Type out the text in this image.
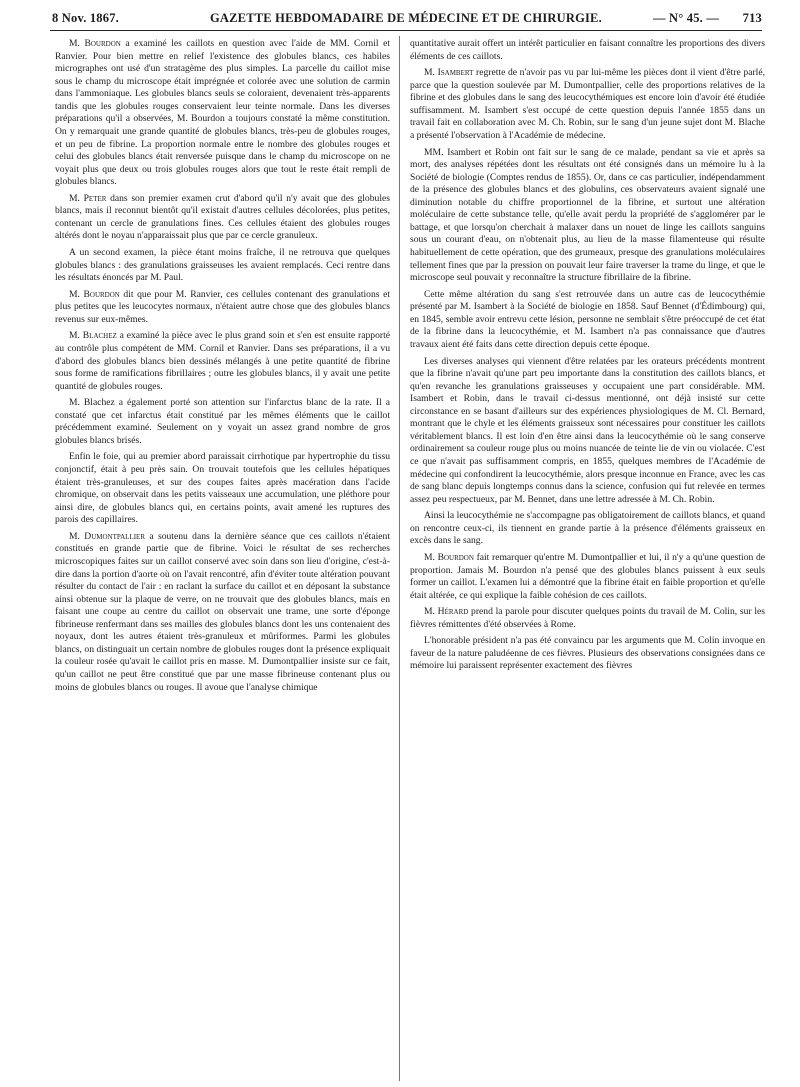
8 Nov. 1867.	GAZETTE HEBDOMADAIRE DE MÉDECINE ET DE CHIRURGIE.	— N° 45. — 713

M. Bourdon a examiné les caillots en question avec l'aide de MM. Cornil et Ranvier. Pour bien mettre en relief l'existence des globules blancs, ces habiles micrographes ont usé d'un stratagème des plus simples. La parcelle du caillot mise sous le champ du microscope était imprégnée et colorée avec une solution de carmin dans l'ammoniaque. Les globules blancs seuls se coloraient, devenaient très-apparents tandis que les globules rouges conservaient leur teinte normale. Dans les diverses préparations qu'il a observées, M. Bourdon a toujours constaté la même constitution. On y remarquait une grande quantité de globules blancs, très-peu de globules rouges, et un peu de fibrine. La proportion normale entre le nombre des globules rouges et celui des globules blancs était renversée puisque dans le champ du microscope on ne voyait plus que deux ou trois globules rouges alors que tout le reste était rempli de globules blancs.

M. Peter dans son premier examen crut d'abord qu'il n'y avait que des globules blancs, mais il reconnut bientôt qu'il existait d'autres cellules décolorées, plus petites, contenant un cercle de granulations fines. Ces cellules étaient des globules rouges altérés dont le noyau n'apparaissait plus que par ce cercle granuleux.

A un second examen, la pièce étant moins fraîche, il ne retrouva que quelques globules blancs : des granulations graisseuses les avaient remplacés. Ceci rentre dans les résultats énoncés par M. Paul.

M. Bourdon dit que pour M. Ranvier, ces cellules contenant des granulations et plus petites que les leucocytes normaux, n'étaient autre chose que des globules blancs revenus sur eux-mêmes.

M. Blachez a examiné la pièce avec le plus grand soin et s'en est ensuite rapporté au contrôle plus compétent de MM. Cornil et Ranvier. Dans ses préparations, il a vu d'abord des globules blancs bien dessinés mélangés à une petite quantité de fibrine sous forme de ramifications fibrillaires ; outre les globules blancs, il y avait une petite quantité de globules rouges.

M. Blachez a également porté son attention sur l'infarctus blanc de la rate. Il a constaté que cet infarctus était constitué par les mêmes éléments que le caillot précédemment examiné. Seulement on y voyait un assez grand nombre de gros globules blancs brisés.

Enfin le foie, qui au premier abord paraissait cirrhotique par hypertrophie du tissu conjonctif, était à peu près sain. On trouvait toutefois que les cellules hépatiques étaient très-granuleuses, et sur des coupes faites après macération dans l'acide chromique, on observait dans les petits vaisseaux une accumulation, une pléthore pour ainsi dire, de globules blancs qui, en certains points, avait amené les ruptures des parois des capillaires.

M. Dumontpallier a soutenu dans la dernière séance que ces caillots n'étaient constitués en grande partie que de fibrine. Voici le résultat de ses recherches microscopiques faites sur un caillot conservé avec soin dans son lieu d'origine, c'est-à-dire dans la portion d'aorte où on l'avait rencontré, afin d'éviter toute altération pouvant résulter du contact de l'air : en raclant la surface du caillot et en déposant la substance ainsi obtenue sur la plaque de verre, on ne trouvait que des globules blancs, mais en faisant une coupe au centre du caillot on observait une trame, une sorte d'éponge fibrineuse renfermant dans ses mailles des globules blancs dont les uns contenaient des noyaux, dont les autres étaient très-granuleux et mûriformes. Parmi les globules blancs, on distinguait un certain nombre de globules rouges dont la présence expliquait la couleur rosée qu'avait le caillot pris en masse. M. Dumontpallier insiste sur ce fait, qu'un caillot ne peut être constitué que par une masse fibrineuse contenant plus ou moins de globules blancs ou rouges. Il avoue que l'analyse chimique

quantitative aurait offert un intérêt particulier en faisant connaître les proportions des divers éléments de ces caillots.

M. Isambert regrette de n'avoir pas vu par lui-même les pièces dont il vient d'être parlé, parce que la question soulevée par M. Dumontpallier, celle des proportions relatives de la fibrine et des globules dans le sang des leucocythémiques est encore loin d'avoir été étudiée suffisamment. M. Isambert s'est occupé de cette question depuis l'année 1855 dans un travail fait en collaboration avec M. Ch. Robin, sur le sang d'un jeune sujet dont M. Blache a présenté l'observation à l'Académie de médecine.

MM. Isambert et Robin ont fait sur le sang de ce malade, pendant sa vie et après sa mort, des analyses répétées dont les résultats ont été consignés dans un mémoire lu à la Société de biologie (Comptes rendus de 1855). Or, dans ce cas particulier, indépendamment de la présence des globules blancs et des globulins, ces observateurs avaient signalé une diminution notable du chiffre proportionnel de la fibrine, et surtout une altération moléculaire de cette substance telle, qu'elle avait perdu la propriété de s'agglomérer par le battage, et que lorsqu'on cherchait à malaxer dans un nouet de linge les caillots sanguins sous un courant d'eau, on n'obtenait plus, au lieu de la masse filamenteuse qui résulte habituellement de cette opération, que des grumeaux, presque des granulations moléculaires tellement fines que par la pression on pouvait leur faire traverser la trame du linge, et que le microscope seul pouvait y reconnaître la structure fibrillaire de la fibrine.

Cette même altération du sang s'est retrouvée dans un autre cas de leucocythémie présenté par M. Isambert à la Société de biologie en 1858. Sauf Bennet (d'Édimbourg) qui, en 1845, semble avoir entrevu cette lésion, personne ne semblait s'être préoccupé de cet état de la fibrine dans la leucocythémie, et M. Isambert n'a pas connaissance que d'autres travaux aient été faits dans cette direction depuis cette époque.

Les diverses analyses qui viennent d'être relatées par les orateurs précédents montrent que la fibrine n'avait qu'une part peu importante dans la constitution des caillots blancs, et qu'en revanche les granulations graisseuses y occupaient une part considérable. MM. Isambert et Robin, dans le travail ci-dessus mentionné, ont déjà insisté sur cette circonstance en se basant d'ailleurs sur des expériences physiologiques de M. Cl. Bernard, montrant que le chyle et les éléments graisseux sont nécessaires pour constituer les caillots véritablement blancs. Il est loin d'en être ainsi dans la leucocythémie où le sang conserve ordinairement sa couleur rouge plus ou moins nuancée de teinte lie de vin ou violacée. C'est ce que n'avait pas suffisamment compris, en 1855, quelques membres de l'Académie de médecine qui confondirent la leucocythémie, alors presque inconnue en France, avec les cas de sang blanc depuis longtemps connus dans la science, confusion qui fut relevée en termes assez peu respectueux, par M. Bennet, dans une lettre adressée à M. Ch. Robin.

Ainsi la leucocythémie ne s'accompagne pas obligatoirement de caillots blancs, et quand on rencontre ceux-ci, ils tiennent en grande partie à la présence d'éléments graisseux en excès dans le sang.

M. Bourdon fait remarquer qu'entre M. Dumontpallier et lui, il n'y a qu'une question de proportion. Jamais M. Bourdon n'a pensé que des globules blancs puissent à eux seuls former un caillot. L'examen lui a démontré que la fibrine était en faible proportion et qu'elle était altérée, ce qui explique la faible cohésion de ces caillots.

M. Hérard prend la parole pour discuter quelques points du travail de M. Colin, sur les fièvres rémittentes d'été observées à Rome.

L'honorable président n'a pas été convaincu par les arguments que M. Colin invoque en faveur de la nature paludéenne de ces fièvres. Plusieurs des observations consignées dans ce mémoire lui paraissent représenter exactement des fièvres
